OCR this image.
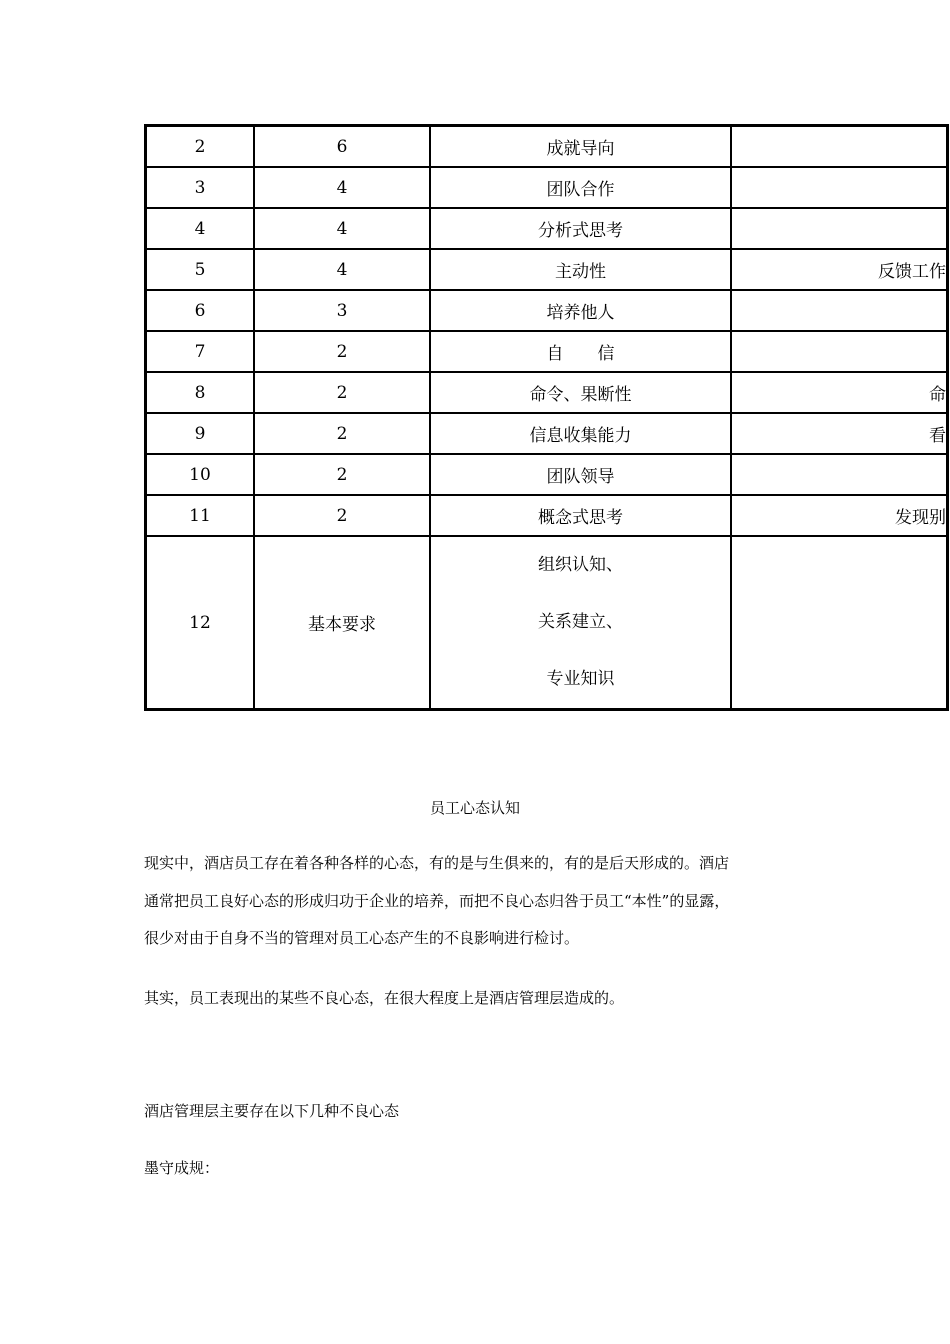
2	6	成就导向	
3	4	团队合作	
4	4	分析式思考	
5	4	主动性	反馈工作
6	3	培养他人	
7	2	自　　信	
8	2	命令、果断性	命
9	2	信息收集能力	看
10	2	团队领导	
11	2	概念式思考	发现别
12	基本要求	组织认知、
关系建立、
专业知识	

员工心态认知
现实中，酒店员工存在着各种各样的心态，有的是与生俱来的，有的是后天形成的。酒店
通常把员工良好心态的形成归功于企业的培养，而把不良心态归咎于员工“本性”的显露，
很少对由于自身不当的管理对员工心态产生的不良影响进行检讨。
其实，员工表现出的某些不良心态，在很大程度上是酒店管理层造成的。
酒店管理层主要存在以下几种不良心态
墨守成规：
